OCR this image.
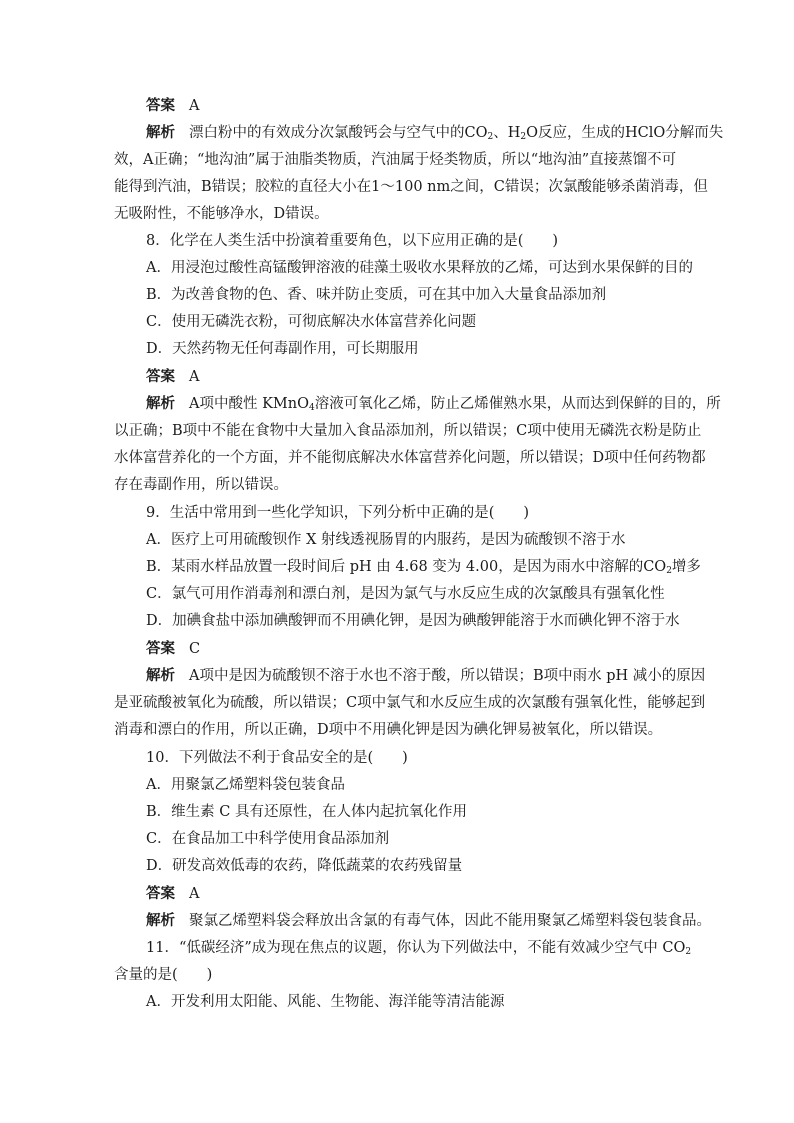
答案 A
解析 漂白粉中的有效成分次氯酸钙会与空气中的$CO_2$、$H_2O$反应，生成的HClO分解而失
效，A正确；“地沟油”属于油脂类物质，汽油属于烃类物质，所以“地沟油”直接蒸馏不可
能得到汽油，B错误；胶粒的直径大小在1～100 nm之间，C错误；次氯酸能够杀菌消毒，但
无吸附性，不能够净水，D错误。
8．化学在人类生活中扮演着重要角色，以下应用正确的是(　　)
A．用浸泡过酸性高锰酸钾溶液的硅藻土吸收水果释放的乙烯，可达到水果保鲜的目的
B．为改善食物的色、香、味并防止变质，可在其中加入大量食品添加剂
C．使用无磷洗衣粉，可彻底解决水体富营养化问题
D．天然药物无任何毒副作用，可长期服用
答案 A
解析 A项中酸性 KMnO$_4$溶液可氧化乙烯，防止乙烯催熟水果，从而达到保鲜的目的，所
以正确；B项中不能在食物中大量加入食品添加剂，所以错误；C项中使用无磷洗衣粉是防止
水体富营养化的一个方面，并不能彻底解决水体富营养化问题，所以错误；D项中任何药物都
存在毒副作用，所以错误。
9．生活中常用到一些化学知识，下列分析中正确的是(　　)
A．医疗上可用硫酸钡作 X 射线透视肠胃的内服药，是因为硫酸钡不溶于水
B．某雨水样品放置一段时间后 pH 由 4.68 变为 4.00，是因为雨水中溶解的$CO_2$增多
C．氯气可用作消毒剂和漂白剂，是因为氯气与水反应生成的次氯酸具有强氧化性
D．加碘食盐中添加碘酸钾而不用碘化钾，是因为碘酸钾能溶于水而碘化钾不溶于水
答案 C
解析 A项中是因为硫酸钡不溶于水也不溶于酸，所以错误；B项中雨水 pH 减小的原因
是亚硫酸被氧化为硫酸，所以错误；C项中氯气和水反应生成的次氯酸有强氧化性，能够起到
消毒和漂白的作用，所以正确，D项中不用碘化钾是因为碘化钾易被氧化，所以错误。
10．下列做法不利于食品安全的是(　　)
A．用聚氯乙烯塑料袋包装食品
B．维生素 C 具有还原性，在人体内起抗氧化作用
C．在食品加工中科学使用食品添加剂
D．研发高效低毒的农药，降低蔬菜的农药残留量
答案 A
解析 聚氯乙烯塑料袋会释放出含氯的有毒气体，因此不能用聚氯乙烯塑料袋包装食品。
11．“低碳经济”成为现在焦点的议题，你认为下列做法中，不能有效减少空气中 $CO_2$
含量的是(　　)
A．开发利用太阳能、风能、生物能、海洋能等清洁能源
